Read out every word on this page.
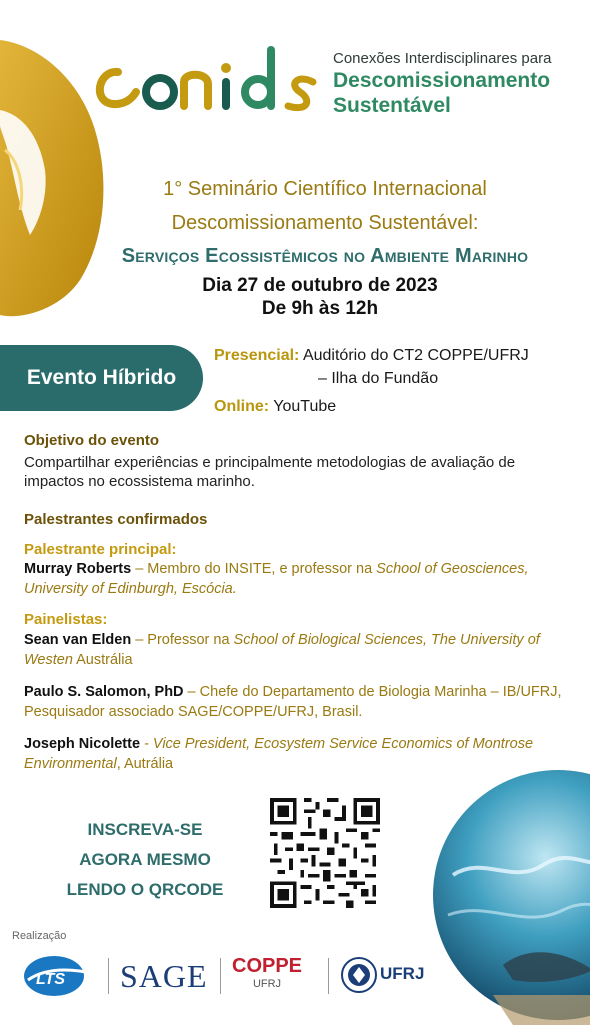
Conexões Interdisciplinares para
Descomissionamento
Sustentável
1° Seminário Científico Internacional
Descomissionamento Sustentável:
Serviços Ecossistêmicos no Ambiente Marinho
Dia 27 de outubro de 2023
De 9h às 12h
Evento Híbrido
Presencial: Auditório do CT2 COPPE/UFRJ
– Ilha do Fundão
Online: YouTube
Objetivo do evento
Compartilhar experiências e principalmente metodologias de avaliação de impactos no ecossistema marinho.
Palestrantes confirmados
Palestrante principal:
Murray Roberts – Membro do INSITE, e professor na School of Geosciences, University of Edinburgh, Escócia.
Painelistas:
Sean van Elden – Professor na School of Biological Sciences, The University of Westen Austrália
Paulo S. Salomon, PhD – Chefe do Departamento de Biologia Marinha – IB/UFRJ, Pesquisador associado SAGE/COPPE/UFRJ, Brasil.
Joseph Nicolette - Vice President, Ecosystem Service Economics of Montrose Environmental, Autrália
INSCREVA-SE
AGORA MESMO
LENDO O QRCODE
Realização
LTS SAGE COPPE
UFRJ
UFRJ
